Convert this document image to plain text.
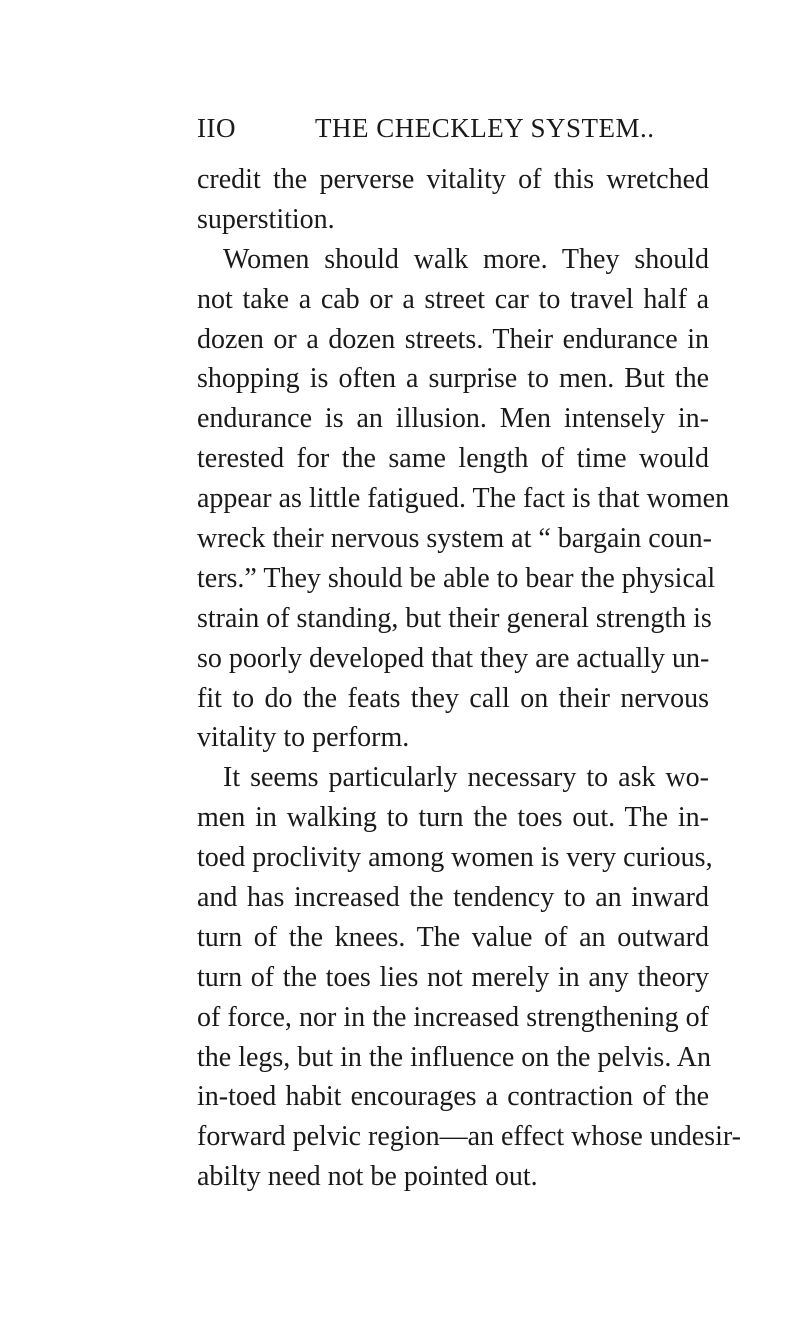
IIO	THE CHECKLEY SYSTEM..
credit the perverse vitality of this wretched
superstition.
Women should walk more. They should
not take a cab or a street car to travel half a
dozen or a dozen streets. Their endurance in
shopping is often a surprise to men. But the
endurance is an illusion. Men intensely in-
terested for the same length of time would
appear as little fatigued. The fact is that women
wreck their nervous system at “ bargain coun-
ters.” They should be able to bear the physical
strain of standing, but their general strength is
so poorly developed that they are actually un-
fit to do the feats they call on their nervous
vitality to perform.
It seems particularly necessary to ask wo-
men in walking to turn the toes out. The in-
toed proclivity among women is very curious,
and has increased the tendency to an inward
turn of the knees. The value of an outward
turn of the toes lies not merely in any theory
of force, nor in the increased strengthening of
the legs, but in the influence on the pelvis. An
in-toed habit encourages a contraction of the
forward pelvic region—an effect whose undesir-
abilty need not be pointed out.
